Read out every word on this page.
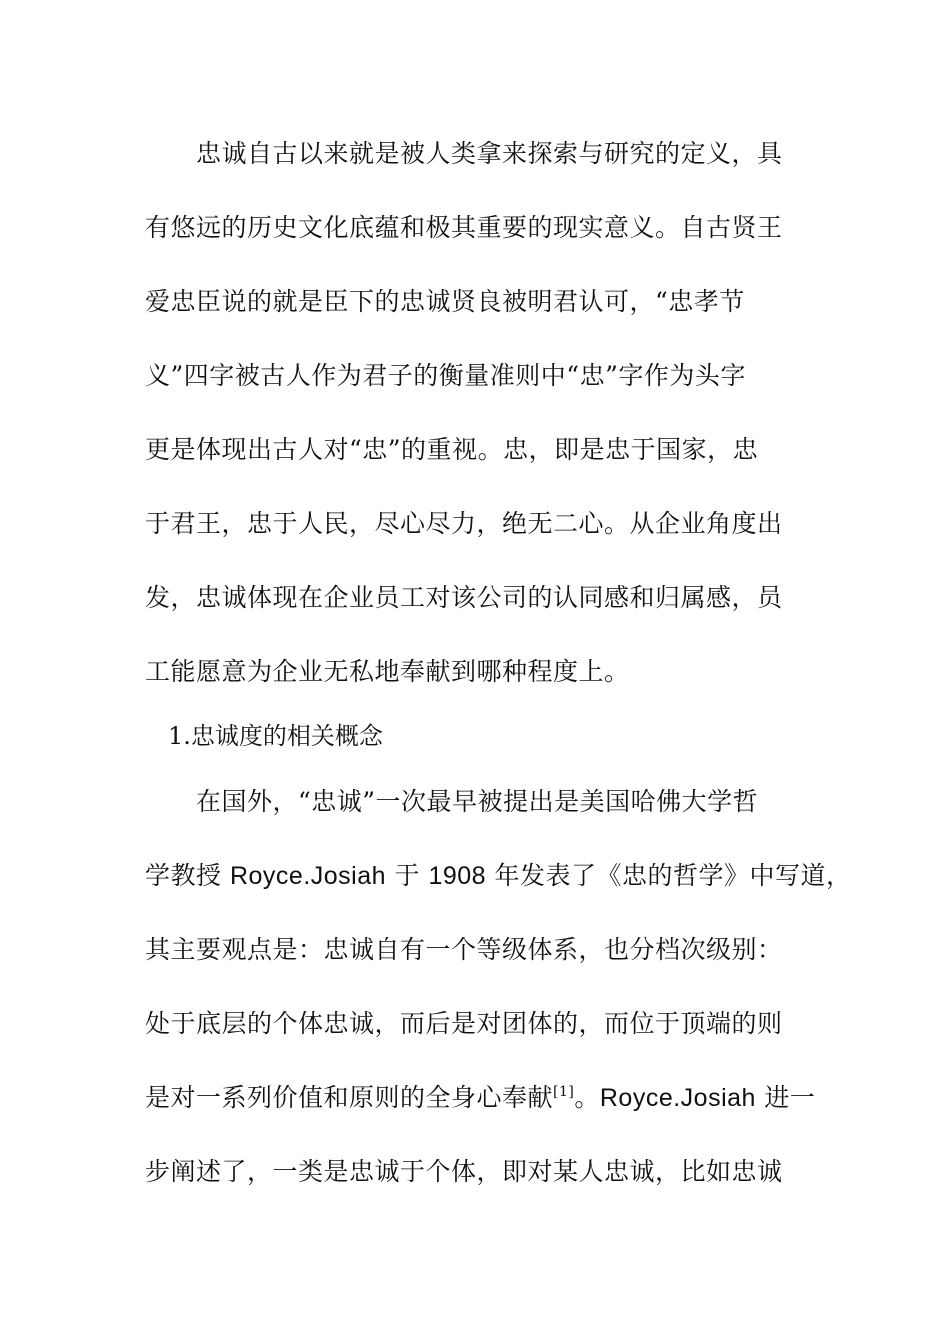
　　忠诚自古以来就是被人类拿来探索与研究的定义，具
有悠远的历史文化底蕴和极其重要的现实意义。自古贤王
爱忠臣说的就是臣下的忠诚贤良被明君认可，“忠孝节
义”四字被古人作为君子的衡量准则中“忠”字作为头字
更是体现出古人对“忠”的重视。忠，即是忠于国家，忠
于君王，忠于人民，尽心尽力，绝无二心。从企业角度出
发，忠诚体现在企业员工对该公司的认同感和归属感，员
工能愿意为企业无私地奉献到哪种程度上。
1.忠诚度的相关概念
　　在国外，“忠诚”一次最早被提出是美国哈佛大学哲
学教授 Royce.Josiah 于 1908 年发表了《忠的哲学》中写道，
其主要观点是：忠诚自有一个等级体系，也分档次级别：
处于底层的个体忠诚，而后是对团体的，而位于顶端的则
是对一系列价值和原则的全身心奉献[1]。Royce.Josiah 进一
步阐述了，一类是忠诚于个体，即对某人忠诚，比如忠诚
